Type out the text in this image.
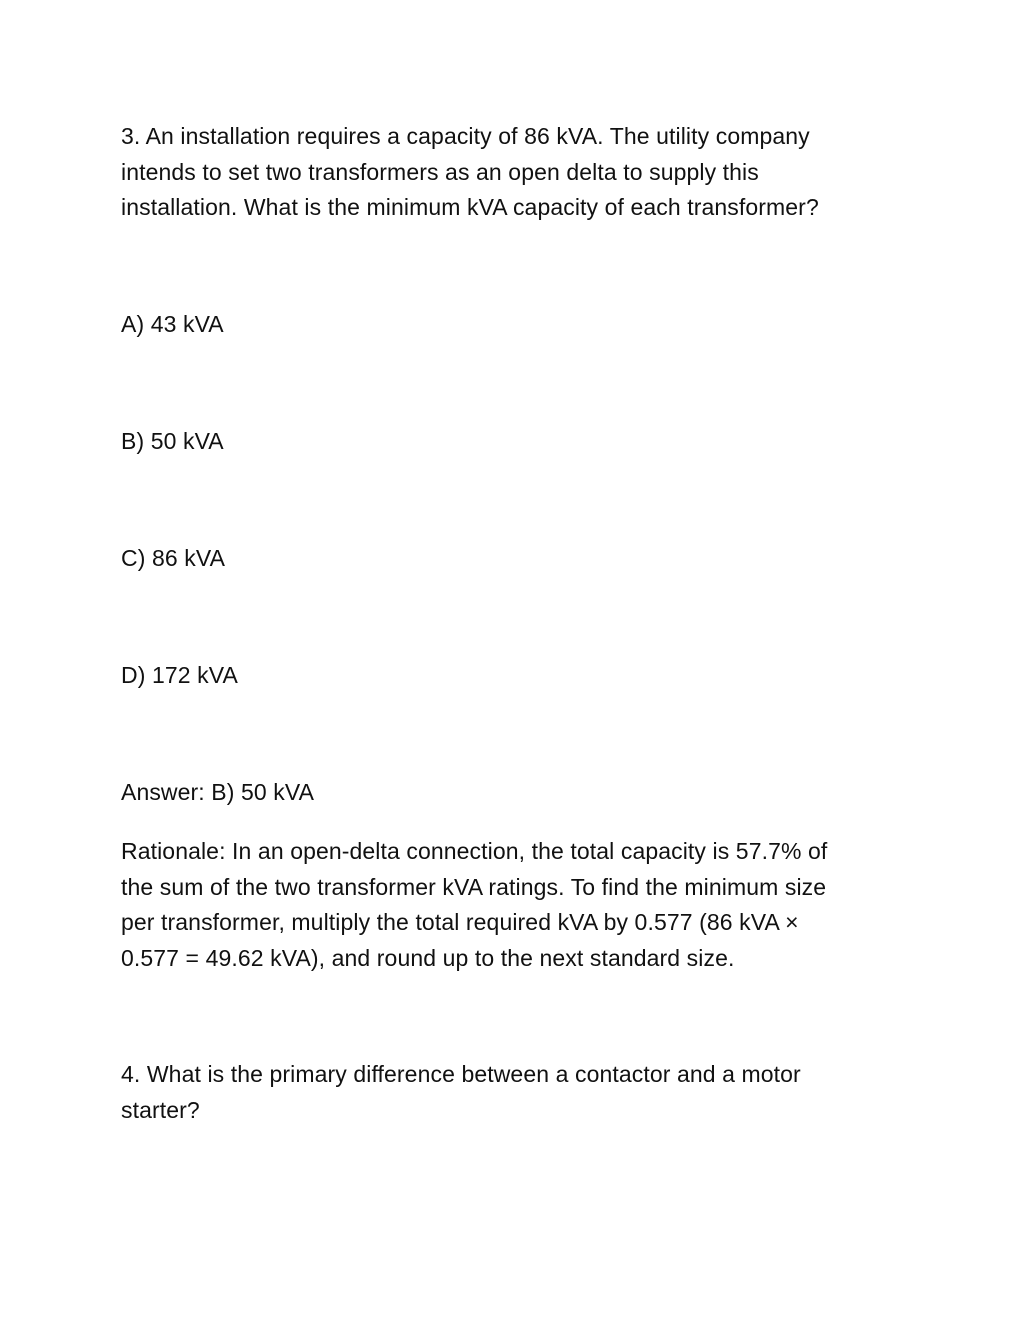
3. An installation requires a capacity of 86 kVA. The utility company
intends to set two transformers as an open delta to supply this
installation. What is the minimum kVA capacity of each transformer?
A) 43 kVA
B) 50 kVA
C) 86 kVA
D) 172 kVA
Answer: B) 50 kVA
Rationale: In an open-delta connection, the total capacity is 57.7% of
the sum of the two transformer kVA ratings. To find the minimum size
per transformer, multiply the total required kVA by 0.577 (86 kVA ×
0.577 = 49.62 kVA), and round up to the next standard size.
4. What is the primary difference between a contactor and a motor
starter?
